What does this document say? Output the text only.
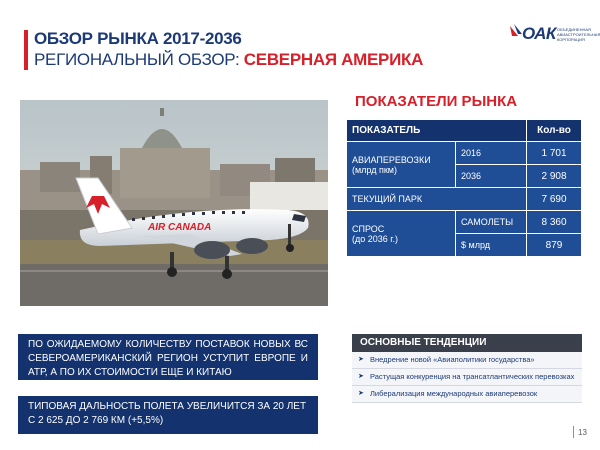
ОБЗОР РЫНКА 2017-2036
РЕГИОНАЛЬНЫЙ ОБЗОР: СЕВЕРНАЯ АМЕРИКА
ОАК ОБЪЕДИНЕННАЯ АВИАСТРОИТЕЛЬНАЯ КОРПОРАЦИЯ
AIR CANADA
ПОКАЗАТЕЛИ РЫНКА
ПОКАЗАТЕЛЬ		Кол-во
АВИАПЕРЕВОЗКИ
(млрд пкм)	2016	1 701
	2036	2 908
ТЕКУЩИЙ ПАРК		7 690
СПРОС
(до 2036 г.)	САМОЛЕТЫ	8 360
	$ млрд	879
ОСНОВНЫЕ ТЕНДЕНЦИИ
➤ Внедрение новой «Авиаполитики государства»
➤ Растущая конкуренция на трансатлантических перевозках
➤ Либерализация международных авиаперевозок
ПО ОЖИДАЕМОМУ КОЛИЧЕСТВУ ПОСТАВОК НОВЫХ ВС СЕВЕРОАМЕРИКАНСКИЙ РЕГИОН УСТУПИТ ЕВРОПЕ И АТР, А ПО ИХ СТОИМОСТИ ЕЩЕ И КИТАЮ
ТИПОВАЯ ДАЛЬНОСТЬ ПОЛЕТА УВЕЛИЧИТСЯ ЗА 20 ЛЕТ С 2 625 ДО 2 769 КМ (+5,5%)
13
